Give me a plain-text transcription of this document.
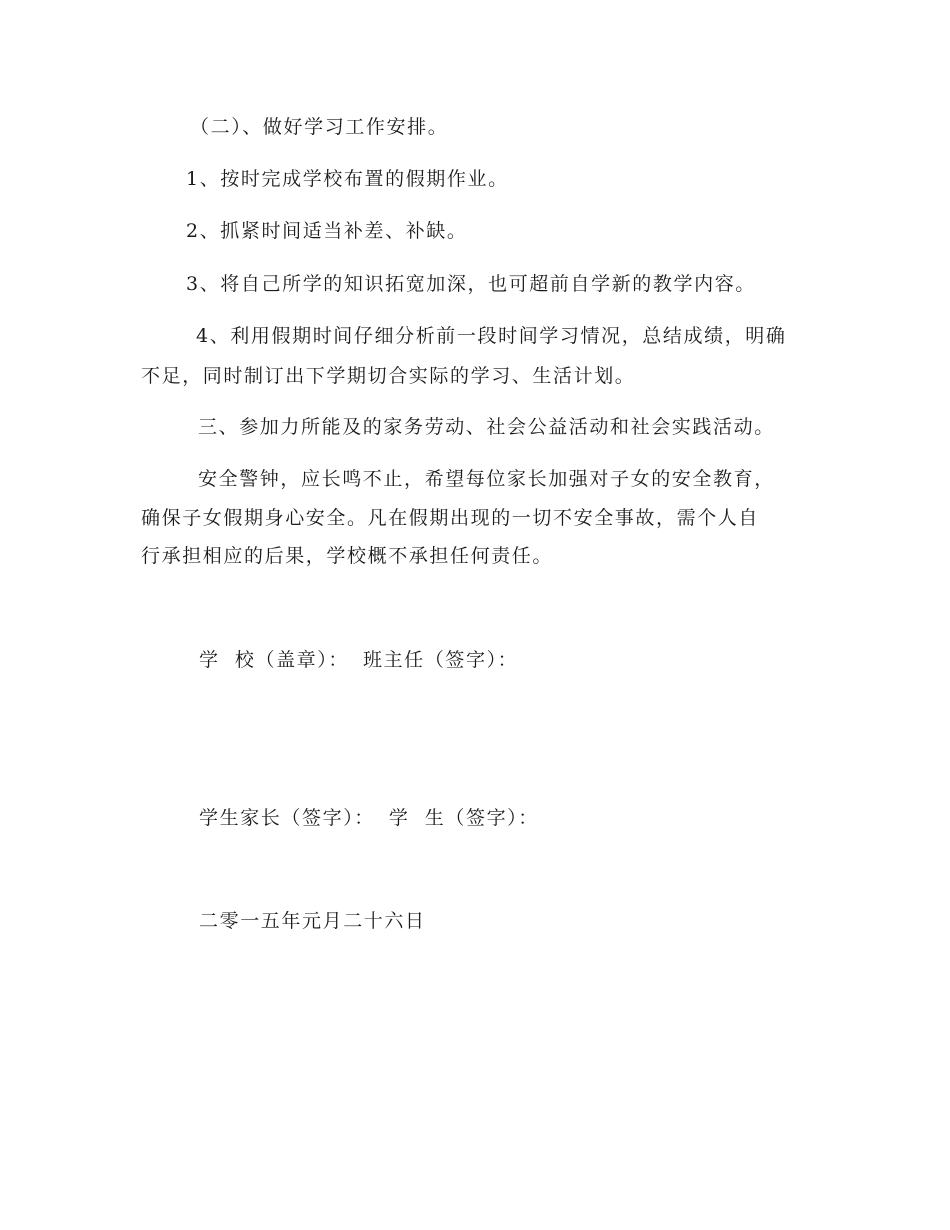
（二）、做好学习工作安排。
1、按时完成学校布置的假期作业。
2、抓紧时间适当补差、补缺。
3、将自己所学的知识拓宽加深，也可超前自学新的教学内容。
4、利用假期时间仔细分析前一段时间学习情况，总结成绩，明确
不足，同时制订出下学期切合实际的学习、生活计划。
三、参加力所能及的家务劳动、社会公益活动和社会实践活动。
安全警钟，应长鸣不止，希望每位家长加强对子女的安全教育，
确保子女假期身心安全。凡在假期出现的一切不安全事故，需个人自
行承担相应的后果，学校概不承担任何责任。
学  校（盖章）： 班主任（签字）：
学生家长（签字）： 学  生（签字）：
二零一五年元月二十六日
